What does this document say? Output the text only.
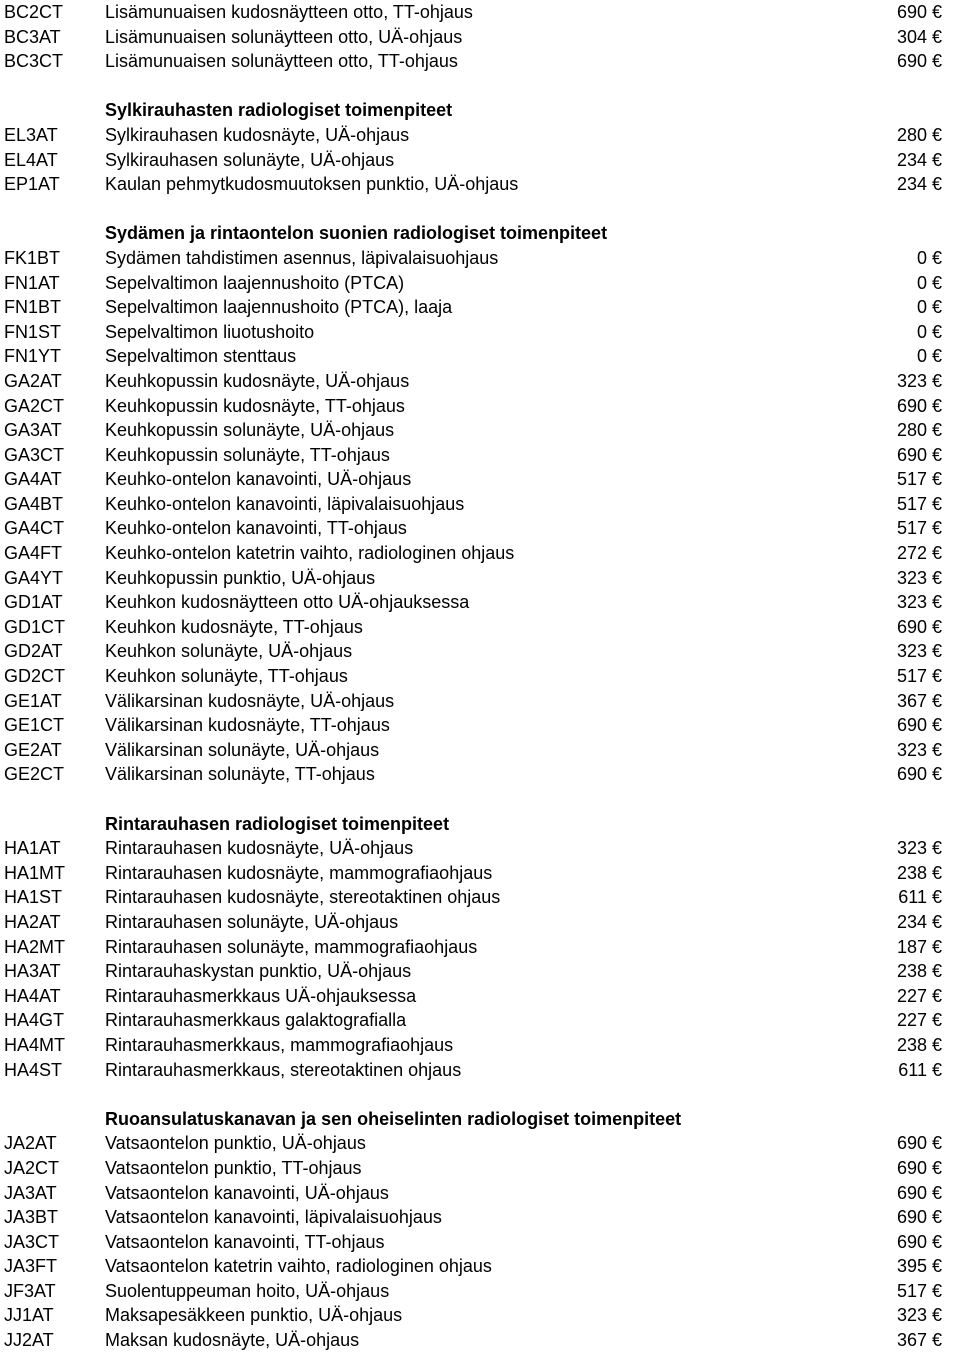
BC2CT Lisämunuaisen kudosnäytteen otto, TT-ohjaus	690 €
BC3AT Lisämunuaisen solunäytteen otto, UÄ-ohjaus	304 €
BC3CT Lisämunuaisen solunäytteen otto, TT-ohjaus	690 €
Sylkirauhasten radiologiset toimenpiteet
EL3AT	Sylkirauhasen kudosnäyte, UÄ-ohjaus	280 €
EL4AT	Sylkirauhasen solunäyte, UÄ-ohjaus	234 €
EP1AT	Kaulan pehmytkudosmuutoksen punktio, UÄ-ohjaus	234 €
Sydämen ja rintaontelon suonien radiologiset toimenpiteet
FK1BT Sydämen tahdistimen asennus, läpivalaisuohjaus	0 €
FN1AT	Sepelvaltimon laajennushoito (PTCA)	0 €
FN1BT Sepelvaltimon laajennushoito (PTCA), laaja	0 €
FN1ST Sepelvaltimon liuotushoito	0 €
FN1YT Sepelvaltimon stenttaus	0 €
GA2AT Keuhkopussin kudosnäyte, UÄ-ohjaus	323 €
GA2CT Keuhkopussin kudosnäyte, TT-ohjaus	690 €
GA3AT Keuhkopussin solunäyte, UÄ-ohjaus	280 €
GA3CT Keuhkopussin solunäyte, TT-ohjaus	690 €
GA4AT Keuhko-ontelon kanavointi, UÄ-ohjaus	517 €
GA4BT Keuhko-ontelon kanavointi, läpivalaisuohjaus	517 €
GA4CT Keuhko-ontelon kanavointi, TT-ohjaus	517 €
GA4FT Keuhko-ontelon katetrin vaihto, radiologinen ohjaus	272 €
GA4YT Keuhkopussin punktio, UÄ-ohjaus	323 €
GD1AT Keuhkon kudosnäytteen otto UÄ-ohjauksessa	323 €
GD1CT Keuhkon kudosnäyte, TT-ohjaus	690 €
GD2AT Keuhkon solunäyte, UÄ-ohjaus	323 €
GD2CT Keuhkon solunäyte, TT-ohjaus	517 €
GE1AT Välikarsinan kudosnäyte, UÄ-ohjaus	367 €
GE1CT Välikarsinan kudosnäyte, TT-ohjaus	690 €
GE2AT Välikarsinan solunäyte, UÄ-ohjaus	323 €
GE2CT Välikarsinan solunäyte, TT-ohjaus	690 €
Rintarauhasen radiologiset toimenpiteet
HA1AT Rintarauhasen kudosnäyte, UÄ-ohjaus	323 €
HA1MT Rintarauhasen kudosnäyte, mammografiaohjaus	238 €
HA1ST Rintarauhasen kudosnäyte, stereotaktinen ohjaus	611 €
HA2AT Rintarauhasen solunäyte, UÄ-ohjaus	234 €
HA2MT Rintarauhasen solunäyte, mammografiaohjaus	187 €
HA3AT Rintarauhaskystan punktio, UÄ-ohjaus	238 €
HA4AT Rintarauhasmerkkaus UÄ-ohjauksessa	227 €
HA4GT Rintarauhasmerkkaus galaktografialla	227 €
HA4MT Rintarauhasmerkkaus, mammografiaohjaus	238 €
HA4ST Rintarauhasmerkkaus, stereotaktinen ohjaus	611 €
Ruoansulatuskanavan ja sen oheiselinten radiologiset toimenpiteet
JA2AT	Vatsaontelon punktio, UÄ-ohjaus	690 €
JA2CT	Vatsaontelon punktio, TT-ohjaus	690 €
JA3AT	Vatsaontelon kanavointi, UÄ-ohjaus	690 €
JA3BT	Vatsaontelon kanavointi, läpivalaisuohjaus	690 €
JA3CT	Vatsaontelon kanavointi, TT-ohjaus	690 €
JA3FT	Vatsaontelon katetrin vaihto, radiologinen ohjaus	395 €
JF3AT	Suolentuppeuman hoito, UÄ-ohjaus	517 €
JJ1AT	Maksapesäkkeen punktio, UÄ-ohjaus	323 €
JJ2AT	Maksan kudosnäyte, UÄ-ohjaus	367 €
